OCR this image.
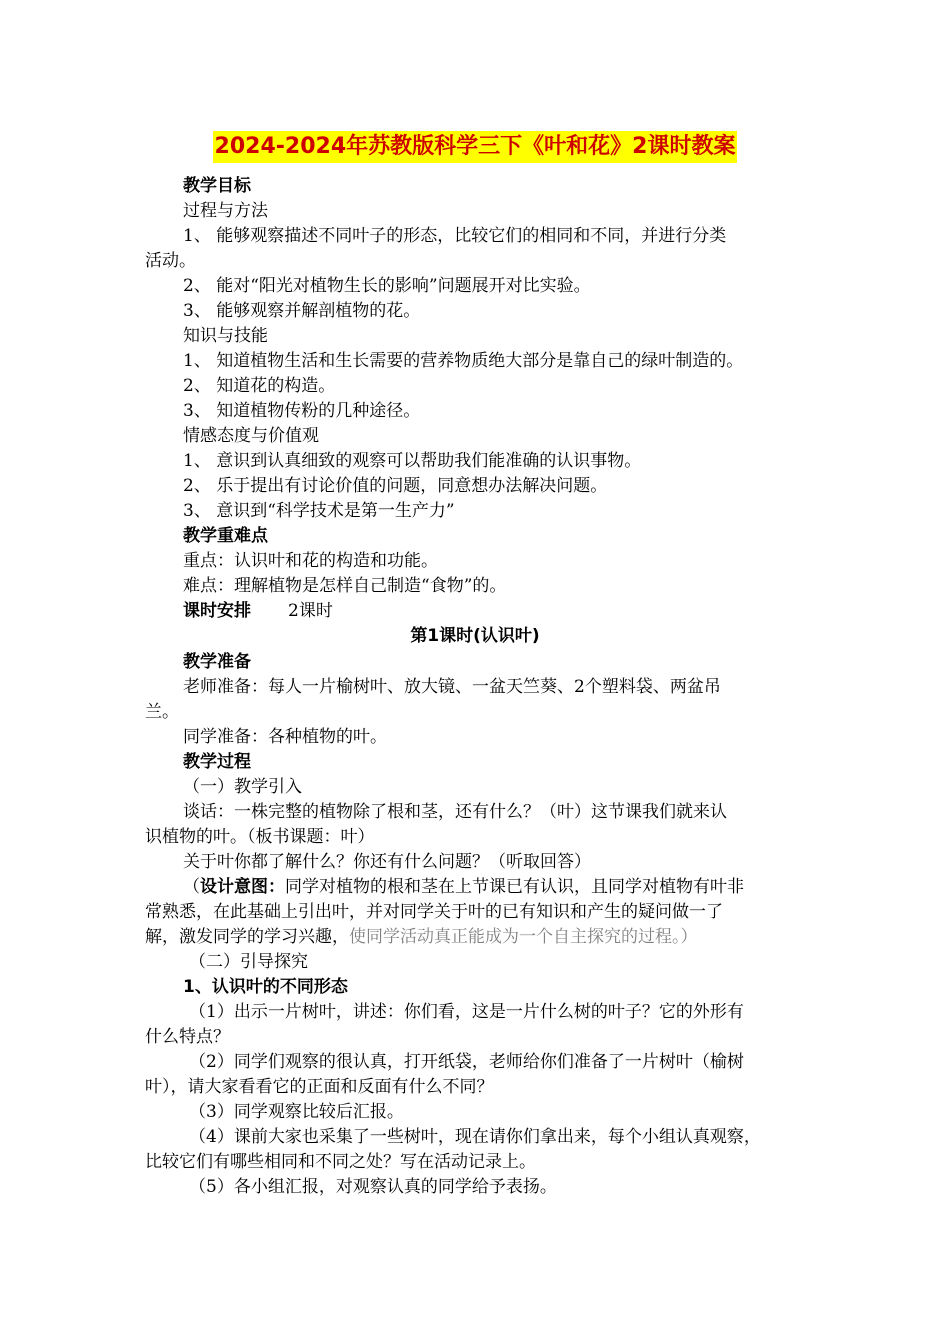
2024-2024年苏教版科学三下《叶和花》2课时教案
教学目标
过程与方法
1、 能够观察描述不同叶子的形态，比较它们的相同和不同，并进行分类
活动。
2、 能对“阳光对植物生长的影响”问题展开对比实验。
3、 能够观察并解剖植物的花。
知识与技能
1、 知道植物生活和生长需要的营养物质绝大部分是靠自己的绿叶制造的。
2、 知道花的构造。
3、 知道植物传粉的几种途径。
情感态度与价值观
1、 意识到认真细致的观察可以帮助我们能准确的认识事物。
2、 乐于提出有讨论价值的问题，同意想办法解决问题。
3、 意识到“科学技术是第一生产力”
教学重难点
重点：认识叶和花的构造和功能。
难点：理解植物是怎样自己制造“食物”的。
课时安排 2课时
第1课时(认识叶)
教学准备
老师准备：每人一片榆树叶、放大镜、一盆天竺葵、2个塑料袋、两盆吊
兰。
同学准备：各种植物的叶。
教学过程
（一）教学引入
谈话：一株完整的植物除了根和茎，还有什么？（叶）这节课我们就来认
识植物的叶。（板书课题：叶）
关于叶你都了解什么？你还有什么问题？（听取回答）
（设计意图：同学对植物的根和茎在上节课已有认识，且同学对植物有叶非
常熟悉，在此基础上引出叶，并对同学关于叶的已有知识和产生的疑问做一了
解，激发同学的学习兴趣，使同学活动真正能成为一个自主探究的过程。）
（二）引导探究
1、认识叶的不同形态
（1）出示一片树叶，讲述：你们看，这是一片什么树的叶子？它的外形有
什么特点？
（2）同学们观察的很认真，打开纸袋，老师给你们准备了一片树叶（榆树
叶），请大家看看它的正面和反面有什么不同？
（3）同学观察比较后汇报。
（4）课前大家也采集了一些树叶，现在请你们拿出来，每个小组认真观察，
比较它们有哪些相同和不同之处？写在活动记录上。
（5）各小组汇报，对观察认真的同学给予表扬。
